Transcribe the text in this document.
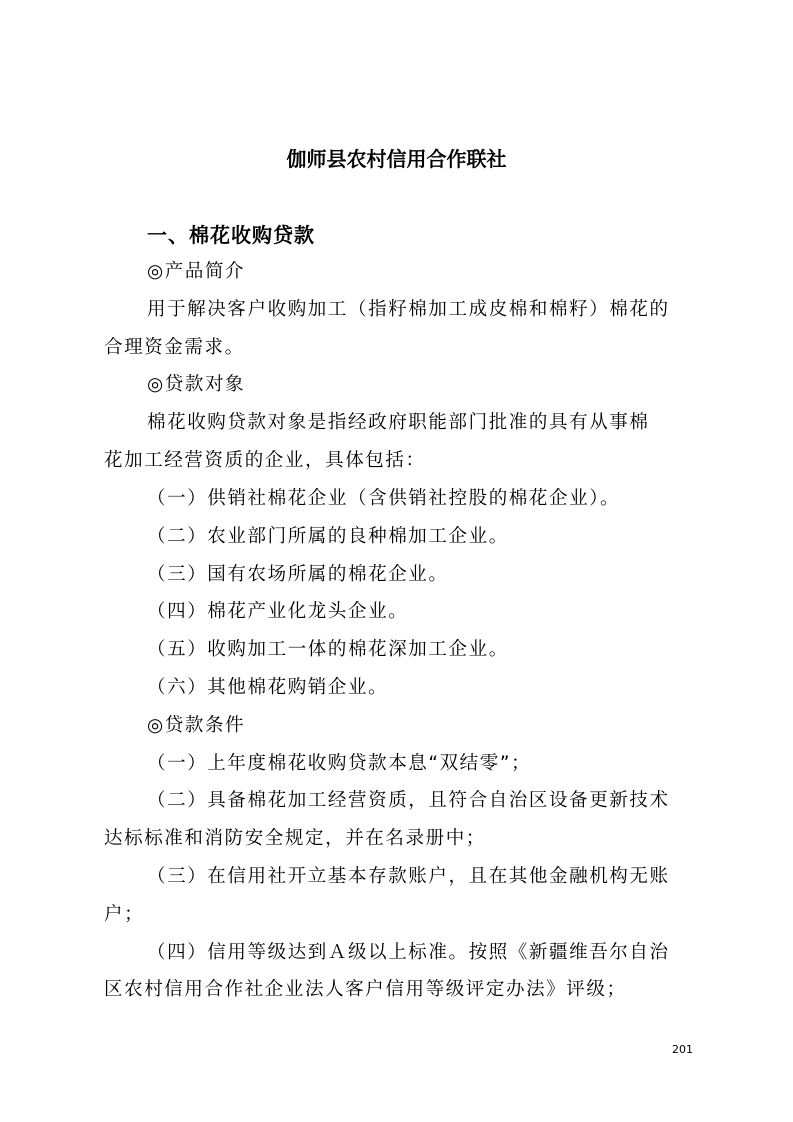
伽师县农村信用合作联社
一、棉花收购贷款
◎产品简介
用于解决客户收购加工（指籽棉加工成皮棉和棉籽）棉花的
合理资金需求。
◎贷款对象
棉花收购贷款对象是指经政府职能部门批准的具有从事棉
花加工经营资质的企业，具体包括：
（一）供销社棉花企业（含供销社控股的棉花企业）。
（二）农业部门所属的良种棉加工企业。
（三）国有农场所属的棉花企业。
（四）棉花产业化龙头企业。
（五）收购加工一体的棉花深加工企业。
（六）其他棉花购销企业。
◎贷款条件
（一）上年度棉花收购贷款本息“双结零”；
（二）具备棉花加工经营资质，且符合自治区设备更新技术
达标标准和消防安全规定，并在名录册中；
（三）在信用社开立基本存款账户，且在其他金融机构无账
户；
（四）信用等级达到Ａ级以上标准。按照《新疆维吾尔自治
区农村信用合作社企业法人客户信用等级评定办法》评级；
201
